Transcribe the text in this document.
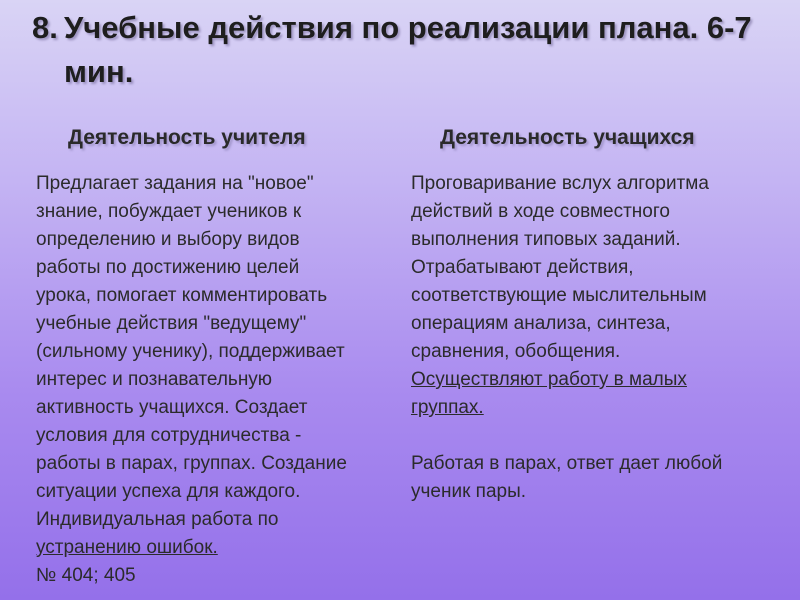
8. Учебные действия по реализации плана. 6-7
мин.
Деятельность учителя	Деятельность учащихся
Предлагает задания на "новое"
знание, побуждает учеников к
определению и выбору видов
работы по достижению целей
урока, помогает комментировать
учебные действия "ведущему"
(сильному ученику), поддерживает
интерес и познавательную
активность учащихся. Создает
условия для сотрудничества -
работы в парах, группах. Создание
ситуации успеха для каждого.
Индивидуальная работа по
устранению ошибок.
№ 404; 405
Проговаривание вслух алгоритма
действий в ходе совместного
выполнения типовых заданий.
Отрабатывают действия,
соответствующие мыслительным
операциям анализа, синтеза,
сравнения, обобщения.
Осуществляют работу в малых
группах.
Работая в парах, ответ дает любой
ученик пары.
